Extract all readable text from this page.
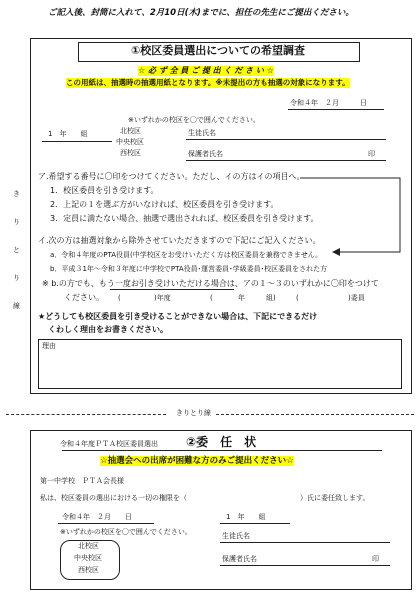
ご記入後、封筒に入れて、2月10日(木)までに、担任の先生にご提出ください。
①校区委員選出についての希望調査
☆ 必 ず 全 員 ご 提 出 く だ さ い ☆
この用紙は、抽選時の抽選用紙となります。※未提出の方も抽選の対象になります。
令和４年　２月　　　日
※いずれかの校区を〇で囲んでください。
1　年　　組	北校区
中央校区
西校区
生徒氏名
保護者氏名	印
ア.希望する番号に〇印をつけてください。ただし、イの方はイの項目へ。
1．校区委員を引き受けます。
2．上記の１を選ぶ方がいなければ、校区委員を引き受けます。
3．定員に満たない場合、抽選で選出されれば、校区委員を引き受けます。
イ.次の方は抽選対象から除外させていただきますので下記にご記入ください。
a．令和４年度のPTA役員(中学校区をお受けいただく方は校区委員を兼務できません。
b．平成３1年～令和３年度に中学校でPTA役員･運営委員･学級委員･校区委員をされた方
※ b.の方でも、もう一度お引き受けいただける場合は、アの１～３のいずれかに〇印をつけて
ください。 (	)年度	(	年	組)	(	)委員
★どうしても校区委員を引き受けることができない場合は、下記にできるだけ
くわしく理由をお書きください。
理由
き
り
と
り
線
きりとり線
令和４年度ＰＴＡ校区委員選出 ②委　任　状
☆抽選会への出席が困難な方のみご提出ください☆
第一中学校　ＰＴＡ会長様
私は、校区委員の選出における一切の権限を（	）氏に委任致します。
令和４年　２月　　日
※いずれかの校区を〇で囲んでください。
北校区
中央校区
西校区
1　年　　組
生徒氏名
保護者氏名	印
